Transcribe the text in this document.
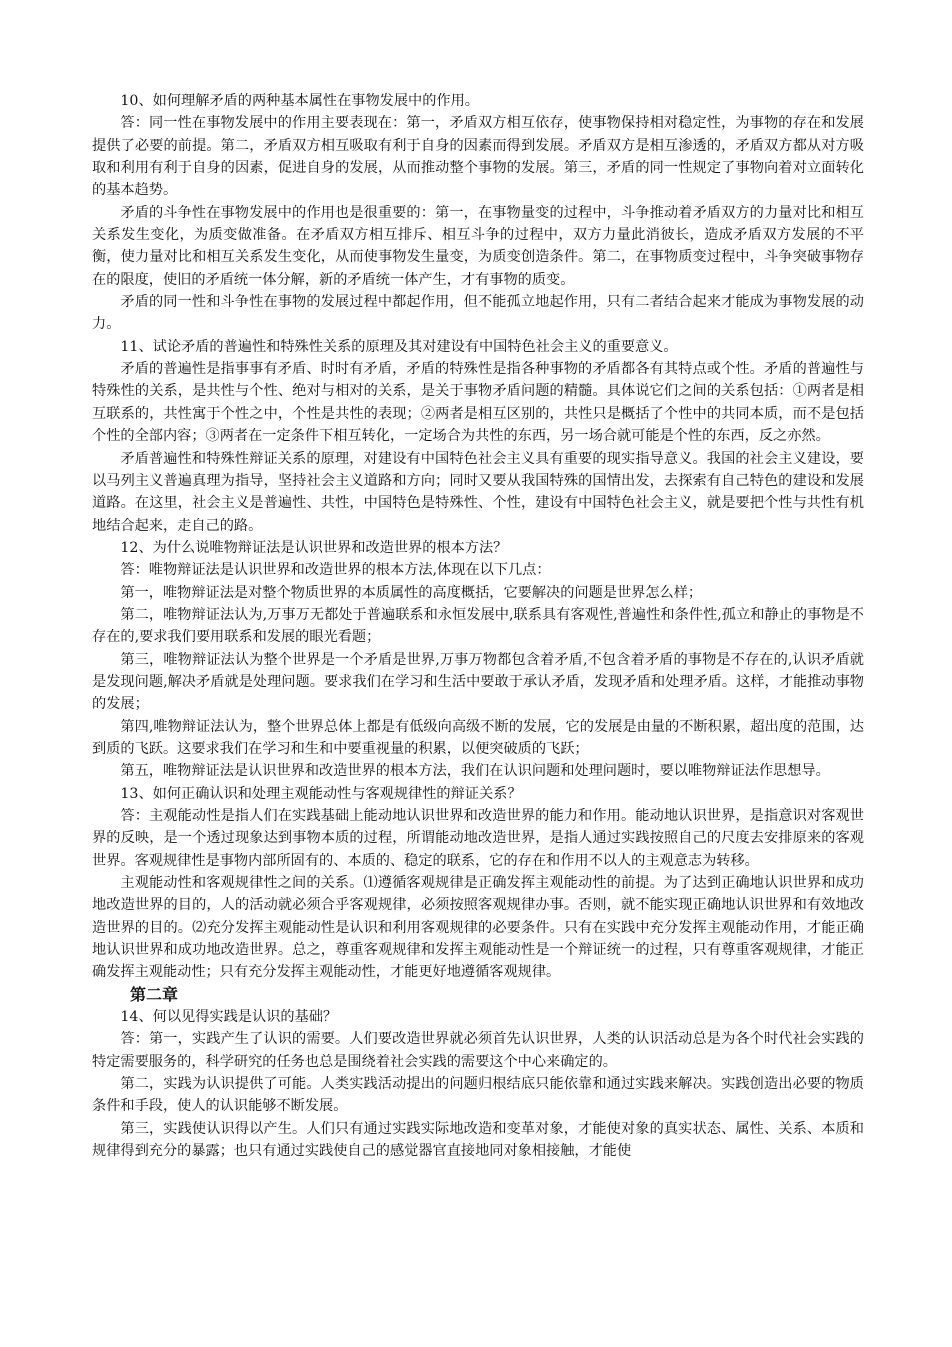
10、如何理解矛盾的两种基本属性在事物发展中的作用。

答：同一性在事物发展中的作用主要表现在：第一，矛盾双方相互依存，使事物保持相对稳定性，为事物的存在和发展提供了必要的前提。第二，矛盾双方相互吸取有利于自身的因素而得到发展。矛盾双方是相互渗透的，矛盾双方都从对方吸取和利用有利于自身的因素，促进自身的发展，从而推动整个事物的发展。第三，矛盾的同一性规定了事物向着对立面转化的基本趋势。

矛盾的斗争性在事物发展中的作用也是很重要的：第一，在事物量变的过程中，斗争推动着矛盾双方的力量对比和相互关系发生变化，为质变做准备。在矛盾双方相互排斥、相互斗争的过程中，双方力量此消彼长，造成矛盾双方发展的不平衡，使力量对比和相互关系发生变化，从而使事物发生量变，为质变创造条件。第二，在事物质变过程中，斗争突破事物存在的限度，使旧的矛盾统一体分解，新的矛盾统一体产生，才有事物的质变。

矛盾的同一性和斗争性在事物的发展过程中都起作用，但不能孤立地起作用，只有二者结合起来才能成为事物发展的动力。

11、试论矛盾的普遍性和特殊性关系的原理及其对建设有中国特色社会主义的重要意义。

矛盾的普遍性是指事事有矛盾、时时有矛盾，矛盾的特殊性是指各种事物的矛盾都各有其特点或个性。矛盾的普遍性与特殊性的关系，是共性与个性、绝对与相对的关系，是关于事物矛盾问题的精髓。具体说它们之间的关系包括：①两者是相互联系的，共性寓于个性之中，个性是共性的表现；②两者是相互区别的，共性只是概括了个性中的共同本质，而不是包括个性的全部内容；③两者在一定条件下相互转化，一定场合为共性的东西，另一场合就可能是个性的东西，反之亦然。

矛盾普遍性和特殊性辩证关系的原理，对建设有中国特色社会主义具有重要的现实指导意义。我国的社会主义建设，要以马列主义普遍真理为指导，坚持社会主义道路和方向；同时又要从我国特殊的国情出发，去探索有自己特色的建设和发展道路。在这里，社会主义是普遍性、共性，中国特色是特殊性、个性，建设有中国特色社会主义，就是要把个性与共性有机地结合起来，走自己的路。

12、为什么说唯物辩证法是认识世界和改造世界的根本方法？

答：唯物辩证法是认识世界和改造世界的根本方法,体现在以下几点：

第一，唯物辩证法是对整个物质世界的本质属性的高度概括，它要解决的问题是世界怎么样；

第二，唯物辩证法认为,万事万无都处于普遍联系和永恒发展中,联系具有客观性,普遍性和条件性,孤立和静止的事物是不存在的,要求我们要用联系和发展的眼光看题；

第三，唯物辩证法认为整个世界是一个矛盾是世界,万事万物都包含着矛盾,不包含着矛盾的事物是不存在的,认识矛盾就是发现问题,解决矛盾就是处理问题。要求我们在学习和生活中要敢于承认矛盾，发现矛盾和处理矛盾。这样，才能推动事物的发展；

第四,唯物辩证法认为，整个世界总体上都是有低级向高级不断的发展，它的发展是由量的不断积累，超出度的范围，达到质的飞跃。这要求我们在学习和生和中要重视量的积累，以便突破质的飞跃；

第五，唯物辩证法是认识世界和改造世界的根本方法，我们在认识问题和处理问题时，要以唯物辩证法作思想导。

13、如何正确认识和处理主观能动性与客观规律性的辩证关系？

答：主观能动性是指人们在实践基础上能动地认识世界和改造世界的能力和作用。能动地认识世界，是指意识对客观世界的反映，是一个透过现象达到事物本质的过程，所谓能动地改造世界，是指人通过实践按照自己的尺度去安排原来的客观世界。客观规律性是事物内部所固有的、本质的、稳定的联系，它的存在和作用不以人的主观意志为转移。

主观能动性和客观规律性之间的关系。⑴遵循客观规律是正确发挥主观能动性的前提。为了达到正确地认识世界和成功地改造世界的目的，人的活动就必须合乎客观规律，必须按照客观规律办事。否则，就不能实现正确地认识世界和有效地改造世界的目的。⑵充分发挥主观能动性是认识和利用客观规律的必要条件。只有在实践中充分发挥主观能动作用，才能正确地认识世界和成功地改造世界。总之，尊重客观规律和发挥主观能动性是一个辩证统一的过程，只有尊重客观规律，才能正确发挥主观能动性；只有充分发挥主观能动性，才能更好地遵循客观规律。

第二章

14、何以见得实践是认识的基础？

答：第一，实践产生了认识的需要。人们要改造世界就必须首先认识世界，人类的认识活动总是为各个时代社会实践的特定需要服务的，科学研究的任务也总是围绕着社会实践的需要这个中心来确定的。

第二，实践为认识提供了可能。人类实践活动提出的问题归根结底只能依靠和通过实践来解决。实践创造出必要的物质条件和手段，使人的认识能够不断发展。

第三，实践使认识得以产生。人们只有通过实践实际地改造和变革对象，才能使对象的真实状态、属性、关系、本质和规律得到充分的暴露；也只有通过实践使自己的感觉器官直接地同对象相接触，才能使
